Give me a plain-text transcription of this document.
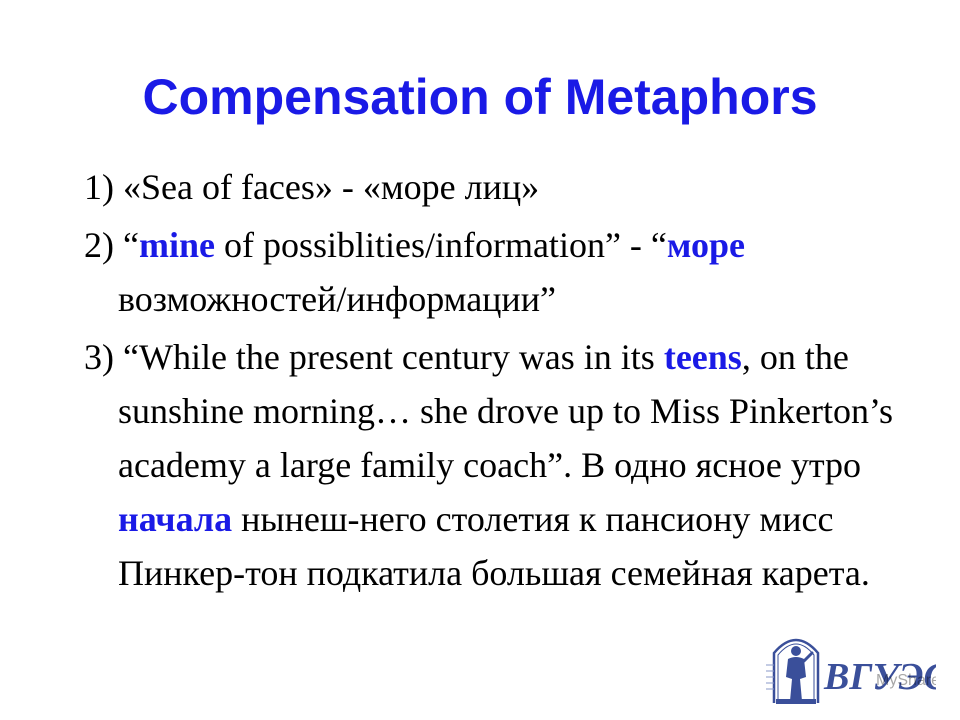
Compensation of Metaphors
1) «Sea of faces» - «море лиц»
2) “mine of possiblities/information” - “море возможностей/информации”
3) “While the present century was in its teens, on the sunshine morning… she drove up to Miss Pinkerton’s academy a large family coach”. В одно ясное утро начала нынеш-него столетия к пансиону мисс Пинкер-тон подкатила большая семейная карета.
ВГУЭ
MyShare
